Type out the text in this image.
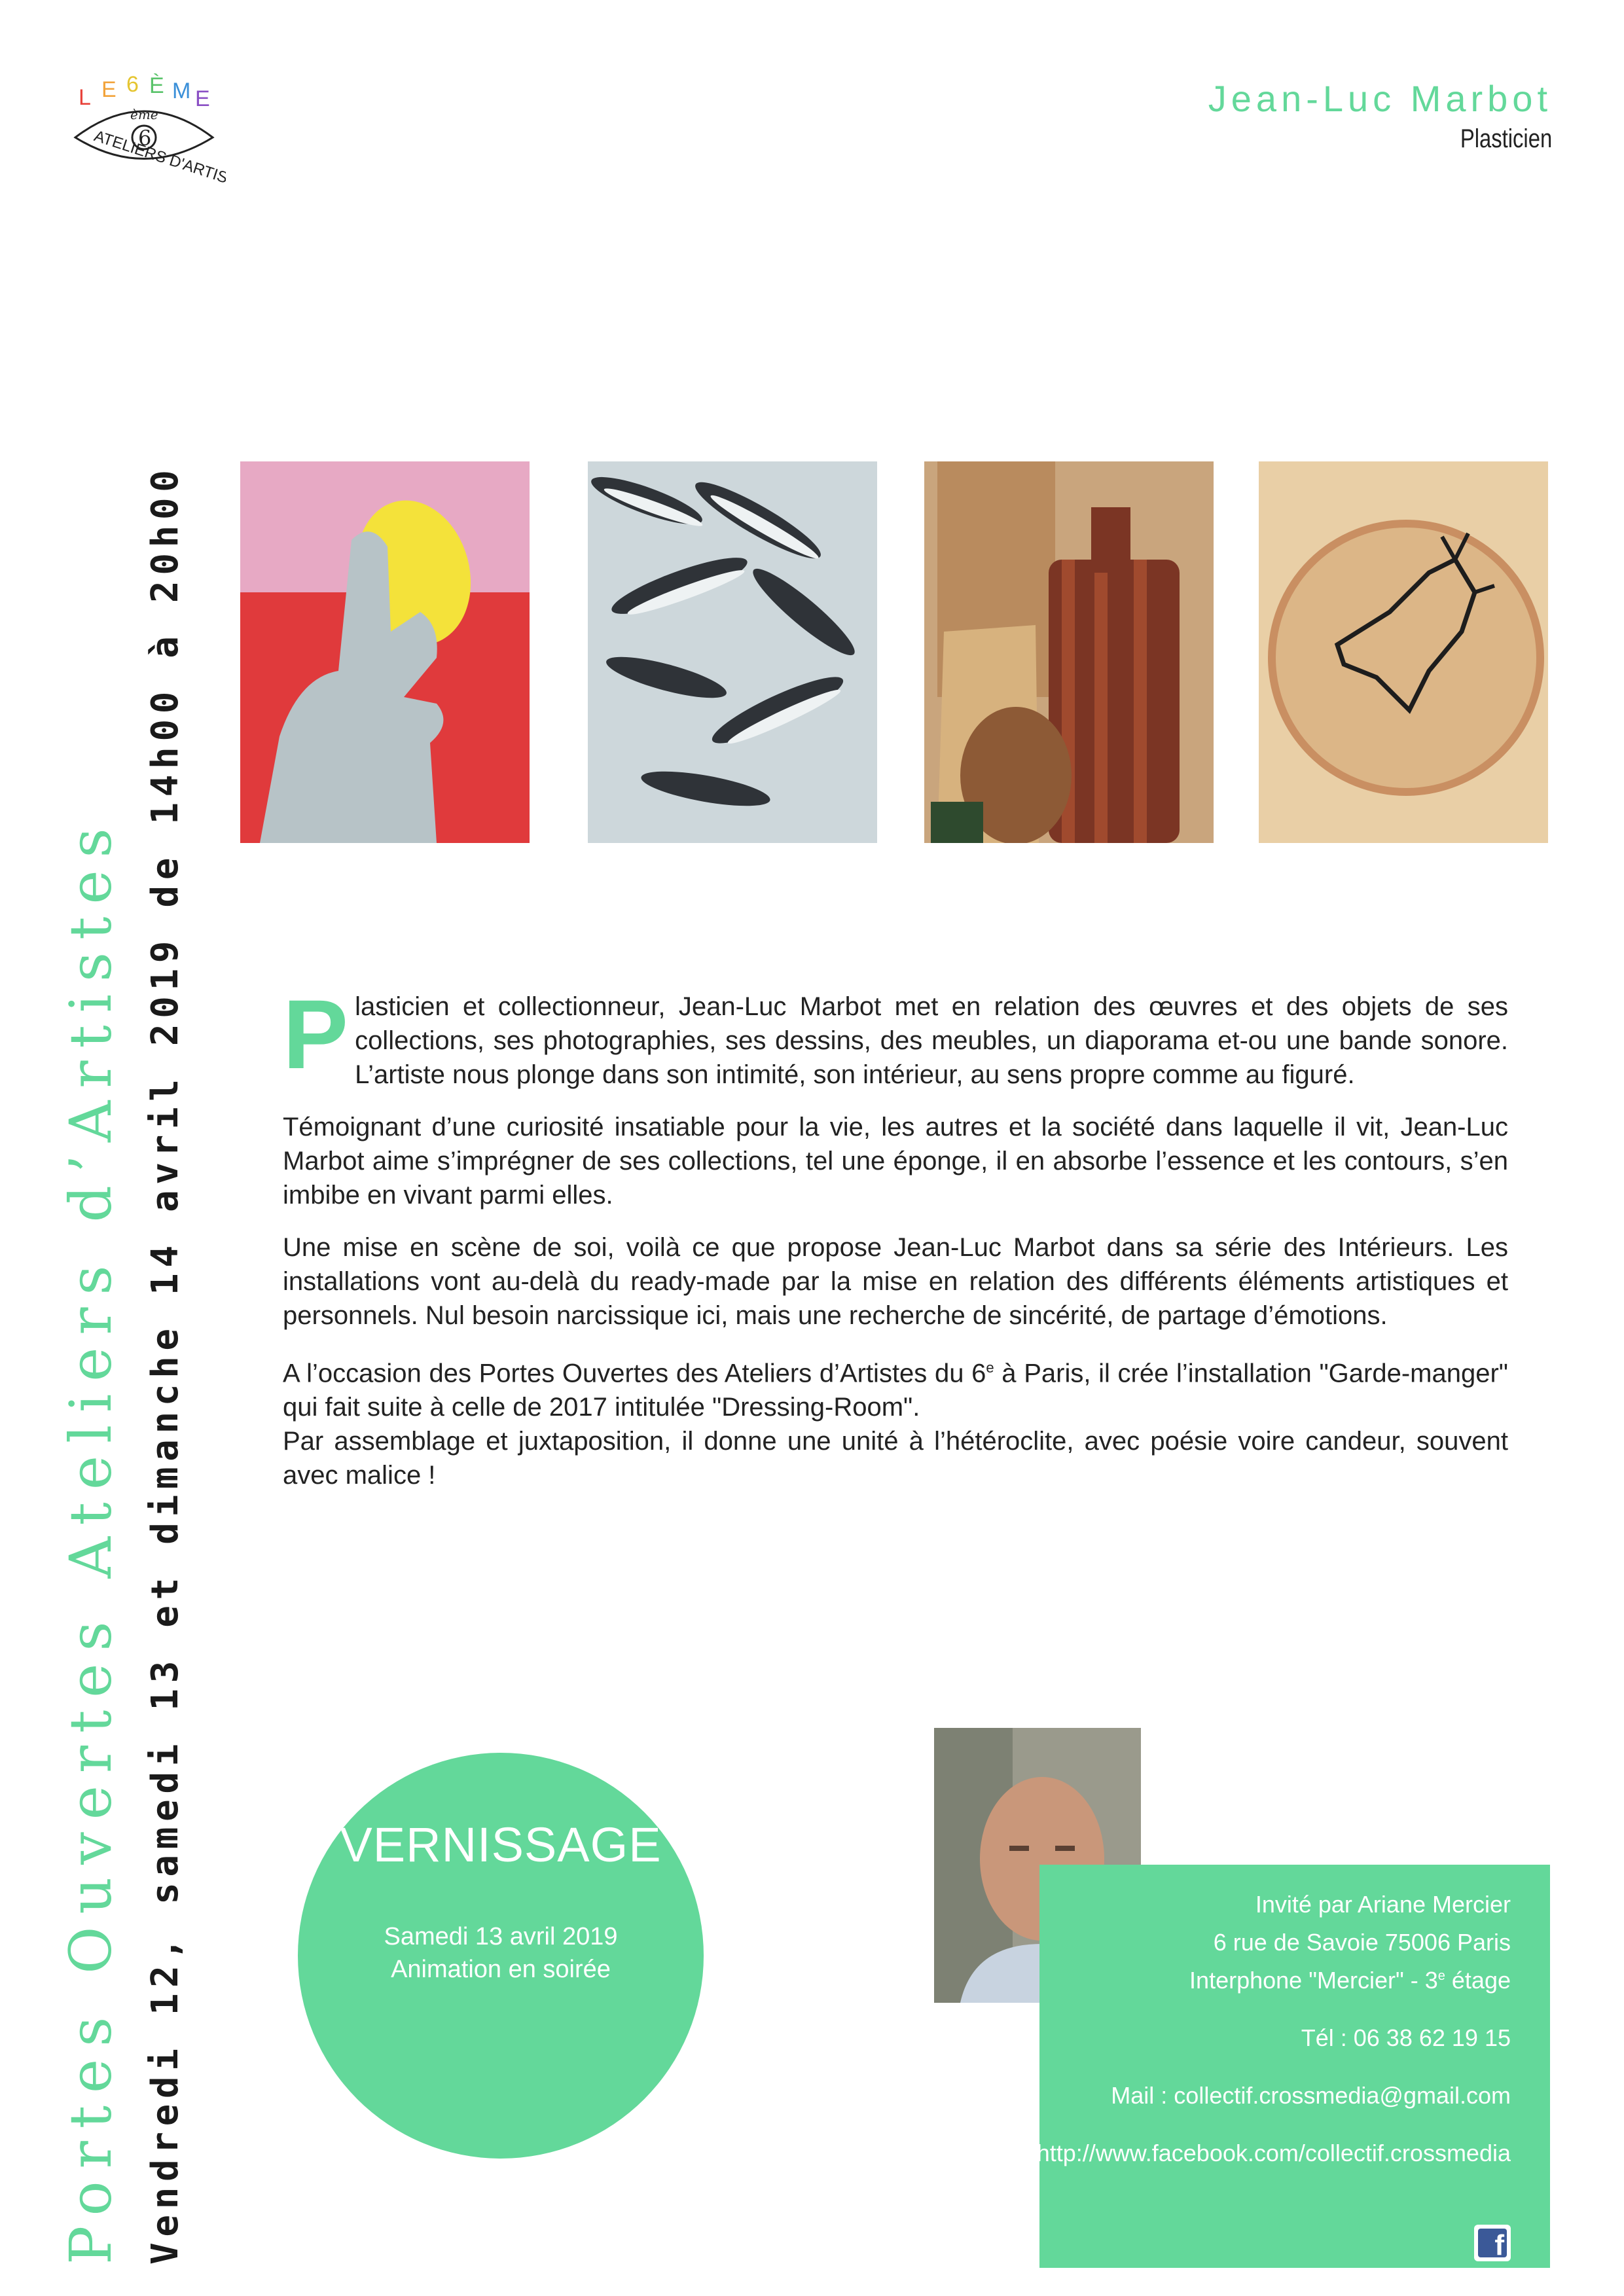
L E 6 È M E
ème
6
ATELIERS D'ARTISTES
Jean-Luc Marbot
Plasticien
Portes Ouvertes Ateliers d’Artistes Vendredi 12, samedi 13 et dimanche 14 avril 2019 de 14h00 à 20h00 P lasticien et collectionneur, Jean-Luc Marbot met en relation des œuvres et des objets de ses collections, ses photographies, ses dessins, des meubles, un diaporama et-ou une bande sonore. L’artiste nous plonge dans son intimité, son intérieur, au sens propre comme au figuré.

Témoignant d’une curiosité insatiable pour la vie, les autres et la société dans laquelle il vit, Jean-Luc Marbot aime s’imprégner de ses collections, tel une éponge, il en absorbe l’essence et les contours, s’en imbibe en vivant parmi elles.

Une mise en scène de soi, voilà ce que propose Jean-Luc Marbot dans sa série des Intérieurs. Les installations vont au-delà du ready-made par la mise en relation des différents éléments artistiques et personnels. Nul besoin narcissique ici, mais une recherche de sincérité, de partage d’émotions.

A l’occasion des Portes Ouvertes des Ateliers d’Artistes du 6e à Paris, il crée l’installation "Garde-manger" qui fait suite à celle de 2017 intitulée "Dressing-Room".

Par assemblage et juxtaposition, il donne une unité à l’hétéroclite, avec poésie voire candeur, souvent avec malice !

VERNISSAGE
Samedi 13 avril 2019
Animation en soirée
Invité par Ariane Mercier
6 rue de Savoie 75006 Paris
Interphone "Mercier" - 3e étage
Tél : 06 38 62 19 15
Mail : collectif.crossmedia@gmail.com
http://www.facebook.com/collectif.crossmedia
f
